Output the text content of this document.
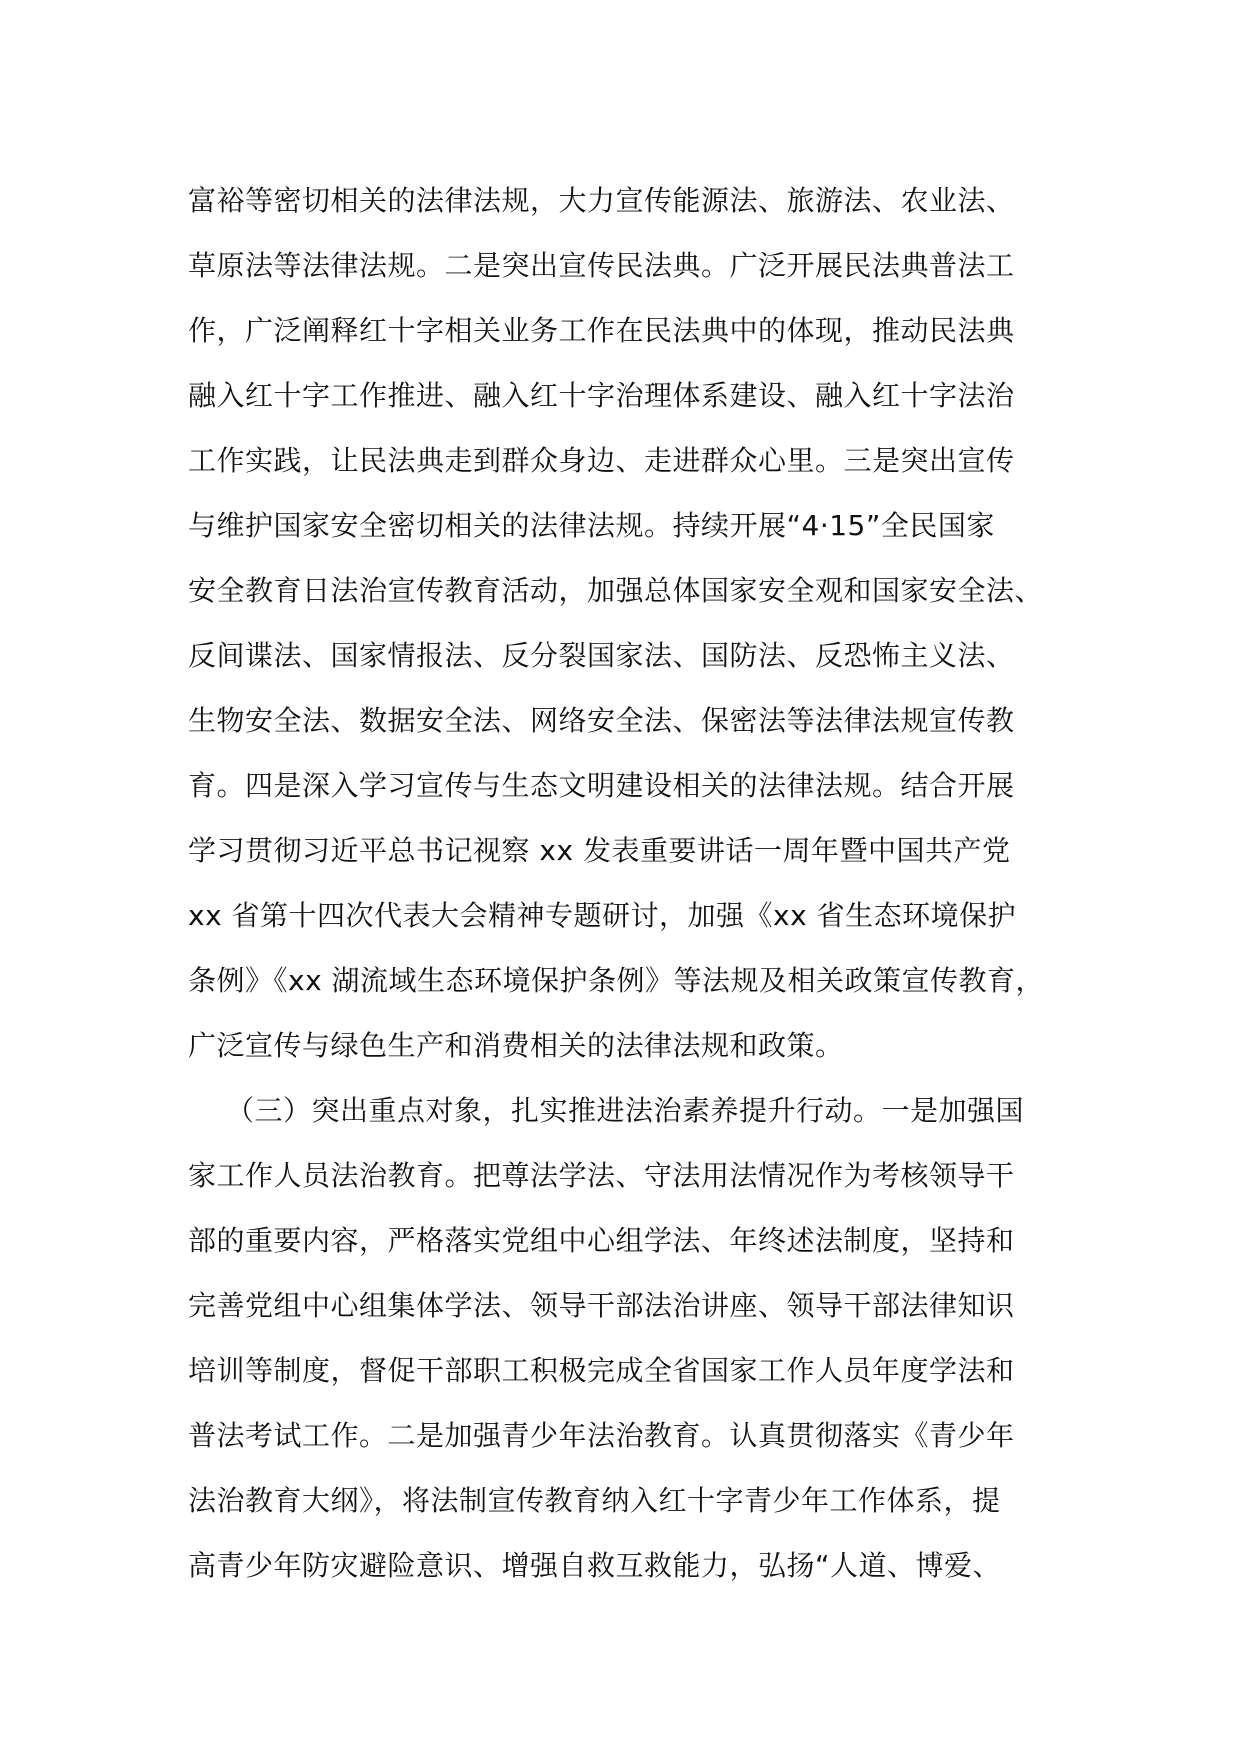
富裕等密切相关的法律法规，大力宣传能源法、旅游法、农业法、
草原法等法律法规。二是突出宣传民法典。广泛开展民法典普法工
作，广泛阐释红十字相关业务工作在民法典中的体现，推动民法典
融入红十字工作推进、融入红十字治理体系建设、融入红十字法治
工作实践，让民法典走到群众身边、走进群众心里。三是突出宣传
与维护国家安全密切相关的法律法规。持续开展“4·15”全民国家
安全教育日法治宣传教育活动，加强总体国家安全观和国家安全法、
反间谍法、国家情报法、反分裂国家法、国防法、反恐怖主义法、
生物安全法、数据安全法、网络安全法、保密法等法律法规宣传教
育。四是深入学习宣传与生态文明建设相关的法律法规。结合开展
学习贯彻习近平总书记视察 xx 发表重要讲话一周年暨中国共产党
xx 省第十四次代表大会精神专题研讨，加强《xx 省生态环境保护
条例》《xx 湖流域生态环境保护条例》等法规及相关政策宣传教育，
广泛宣传与绿色生产和消费相关的法律法规和政策。
（三）突出重点对象，扎实推进法治素养提升行动。一是加强国
家工作人员法治教育。把尊法学法、守法用法情况作为考核领导干
部的重要内容，严格落实党组中心组学法、年终述法制度，坚持和
完善党组中心组集体学法、领导干部法治讲座、领导干部法律知识
培训等制度，督促干部职工积极完成全省国家工作人员年度学法和
普法考试工作。二是加强青少年法治教育。认真贯彻落实《青少年
法治教育大纲》，将法制宣传教育纳入红十字青少年工作体系，提
高青少年防灾避险意识、增强自救互救能力，弘扬“人道、博爱、
